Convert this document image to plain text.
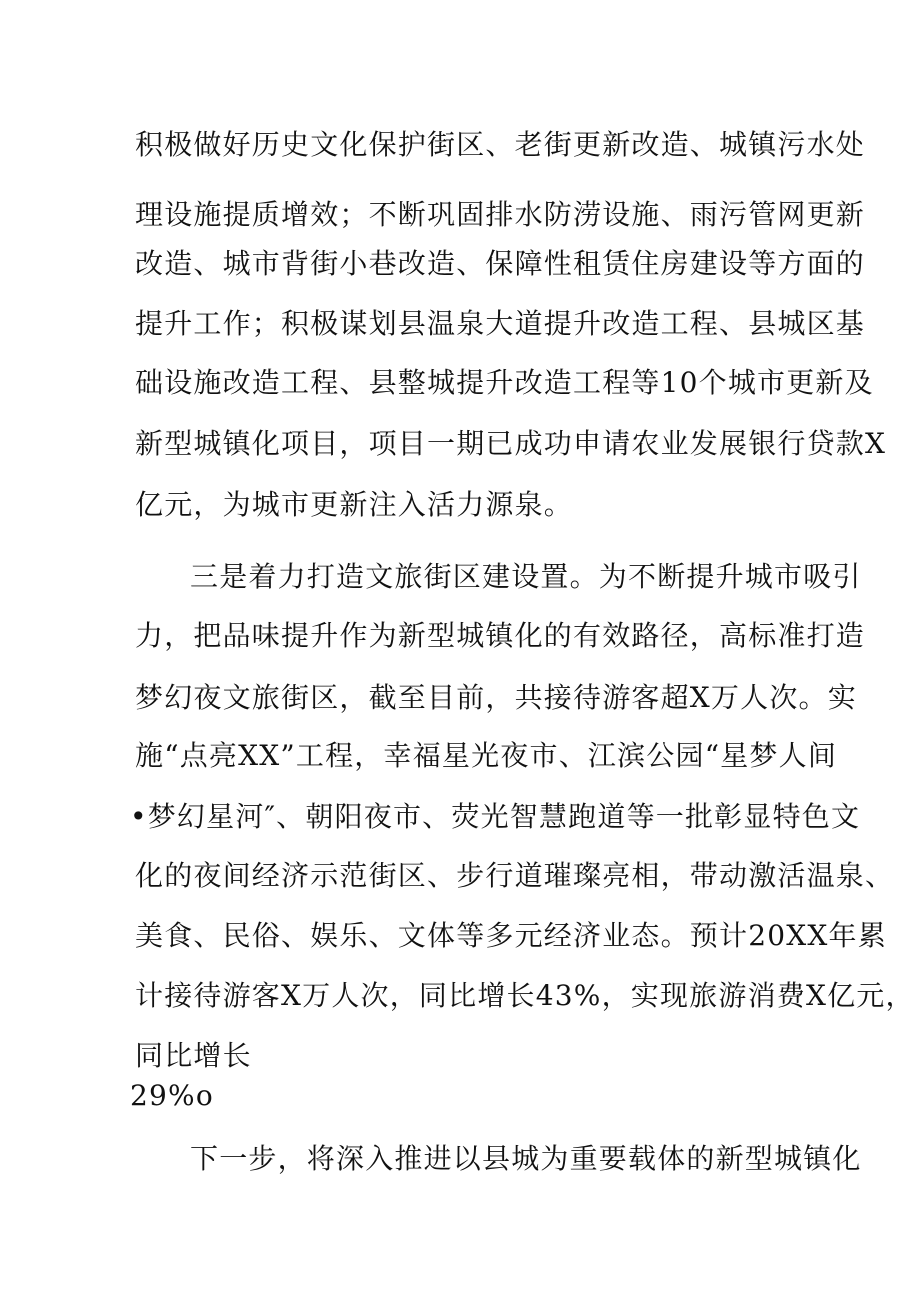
积极做好历史文化保护街区、老街更新改造、城镇污水处
理设施提质增效；不断巩固排水防涝设施、雨污管网更新
改造、城市背街小巷改造、保障性租赁住房建设等方面的
提升工作；积极谋划县温泉大道提升改造工程、县城区基
础设施改造工程、县整城提升改造工程等10个城市更新及
新型城镇化项目，项目一期已成功申请农业发展银行贷款X
亿元，为城市更新注入活力源泉。
三是着力打造文旅街区建设置。为不断提升城市吸引
力，把品味提升作为新型城镇化的有效路径，高标准打造
梦幻夜文旅街区，截至目前，共接待游客超X万人次。实
施“点亮XX”工程，幸福星光夜市、江滨公园“星梦人间
•梦幻星河″、朝阳夜市、荧光智慧跑道等一批彰显特色文
化的夜间经济示范街区、步行道璀璨亮相，带动激活温泉、
美食、民俗、娱乐、文体等多元经济业态。预计20XX年累
计接待游客X万人次，同比增长43%，实现旅游消费X亿元，
同比增长
29%o
下一步，将深入推进以县城为重要载体的新型城镇化
